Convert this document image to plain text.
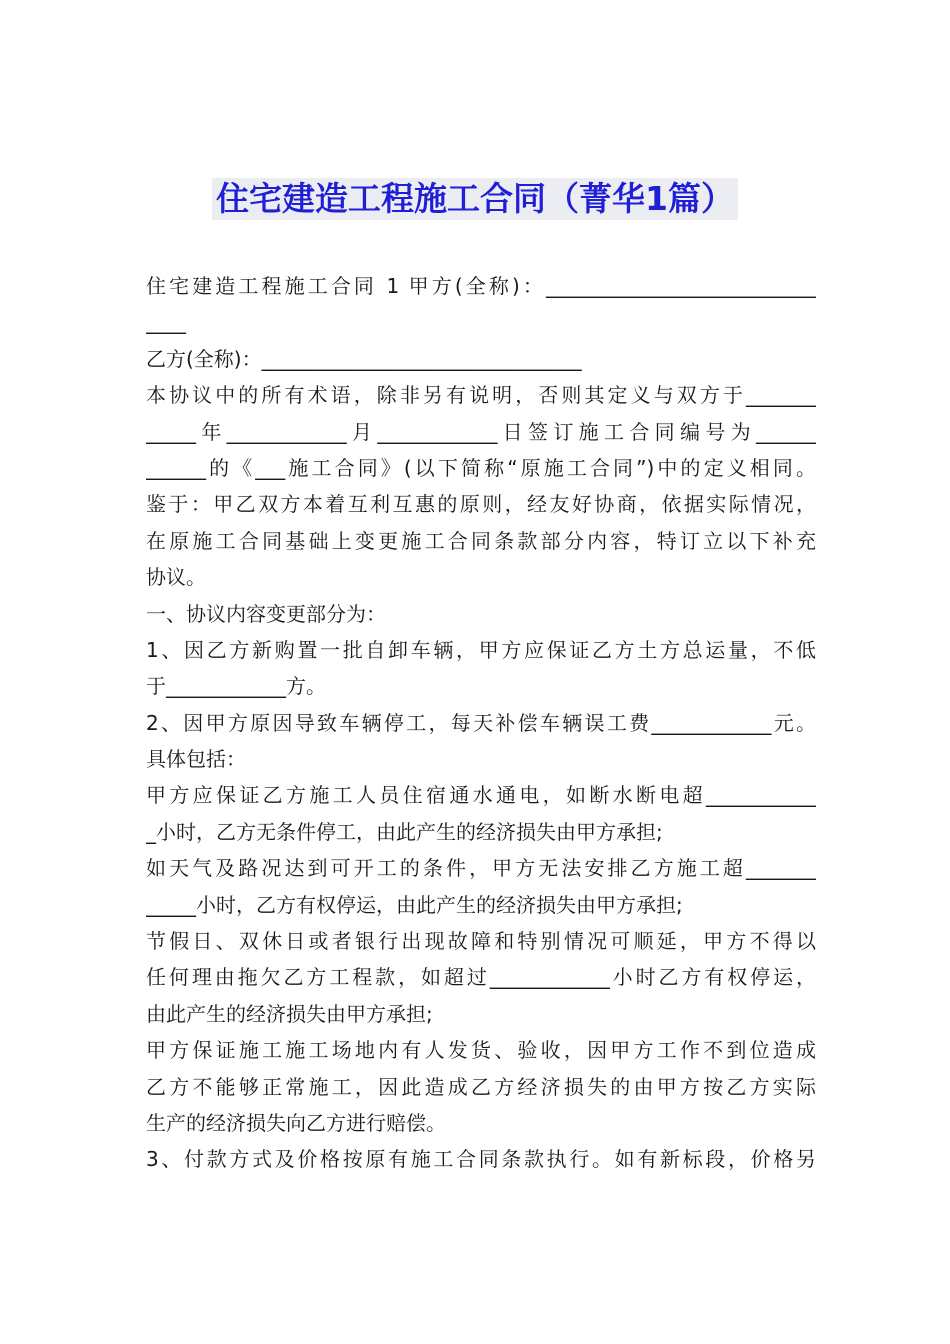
住宅建造工程施工合同（菁华1篇）
住宅建造工程施工合同 1 甲方(全称)：___________________________
____
乙方(全称)：________________________________
本协议中的所有术语，除非另有说明，否则其定义与双方于_______
_____年____________月____________日签订施工合同编号为______
______的《___施工合同》(以下简称“原施工合同”)中的定义相同。
鉴于：甲乙双方本着互利互惠的原则，经友好协商，依据实际情况，
在原施工合同基础上变更施工合同条款部分内容，特订立以下补充
协议。
一、协议内容变更部分为：
1、因乙方新购置一批自卸车辆，甲方应保证乙方土方总运量，不低
于____________方。
2、因甲方原因导致车辆停工，每天补偿车辆误工费____________元。
具体包括：
甲方应保证乙方施工人员住宿通水通电，如断水断电超___________
_小时，乙方无条件停工，由此产生的经济损失由甲方承担;
如天气及路况达到可开工的条件，甲方无法安排乙方施工超_______
_____小时，乙方有权停运，由此产生的经济损失由甲方承担;
节假日、双休日或者银行出现故障和特别情况可顺延，甲方不得以
任何理由拖欠乙方工程款，如超过____________小时乙方有权停运，
由此产生的经济损失由甲方承担;
甲方保证施工施工场地内有人发货、验收，因甲方工作不到位造成
乙方不能够正常施工，因此造成乙方经济损失的由甲方按乙方实际
生产的经济损失向乙方进行赔偿。
3、付款方式及价格按原有施工合同条款执行。如有新标段，价格另
